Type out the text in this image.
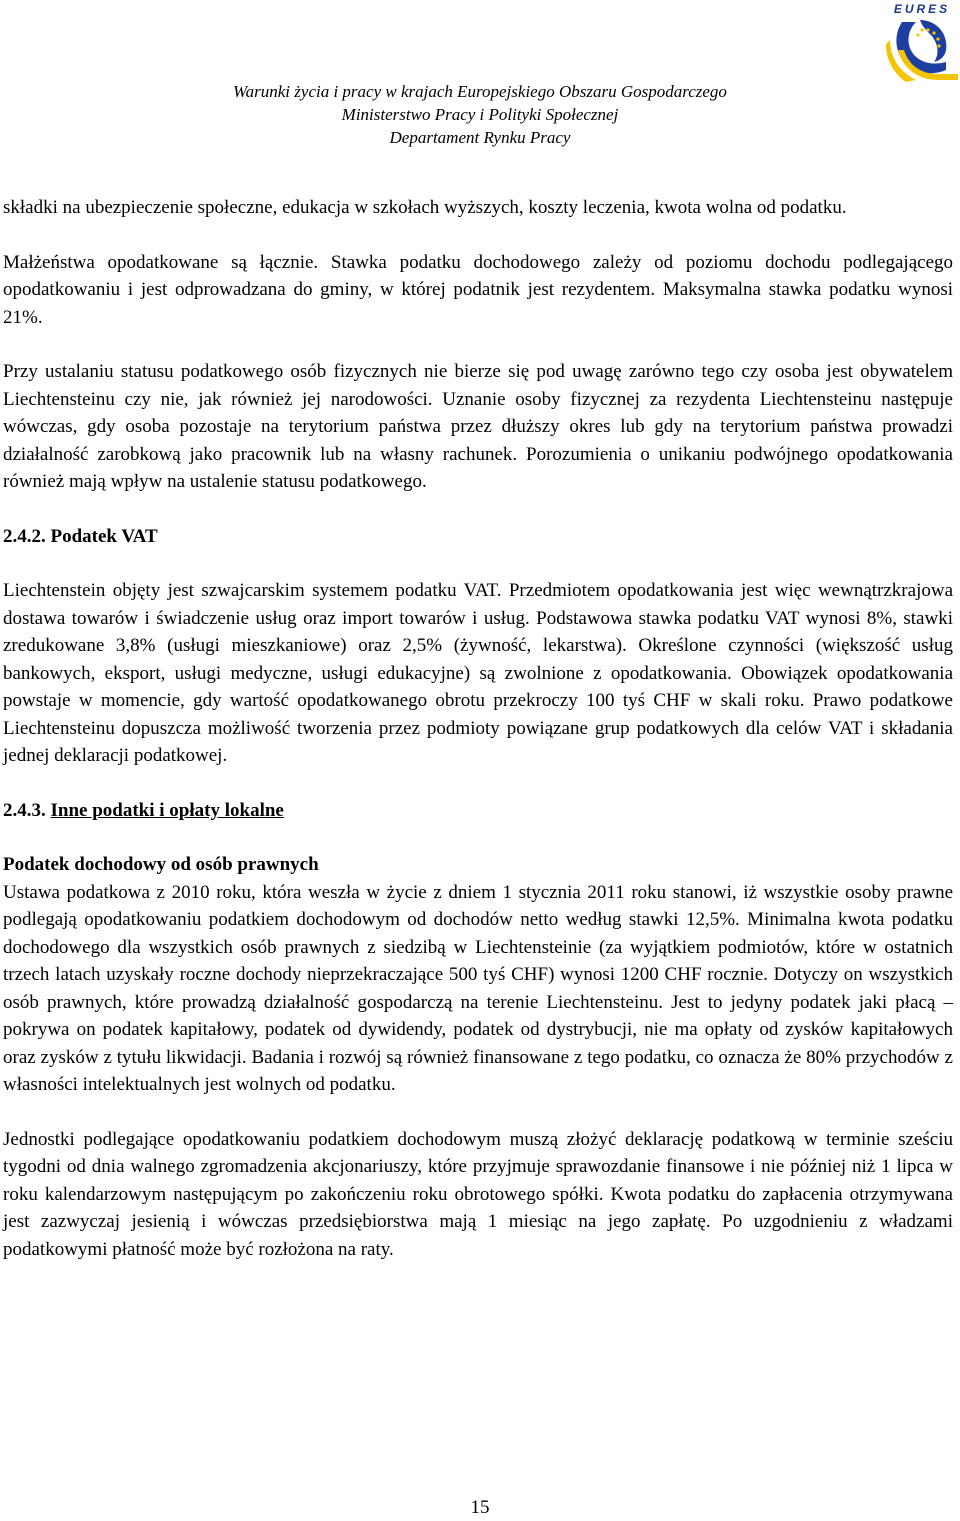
EURES
Warunki życia i pracy w krajach Europejskiego Obszaru Gospodarczego
Ministerstwo Pracy i Polityki Społecznej
Departament Rynku Pracy

składki na ubezpieczenie społeczne, edukacja w szkołach wyższych, koszty leczenia, kwota wolna od podatku.

Małżeństwa opodatkowane są łącznie. Stawka podatku dochodowego zależy od poziomu dochodu podlegającego opodatkowaniu i jest odprowadzana do gminy, w której podatnik jest rezydentem. Maksymalna stawka podatku wynosi 21%.

Przy ustalaniu statusu podatkowego osób fizycznych nie bierze się pod uwagę zarówno tego czy osoba jest obywatelem Liechtensteinu czy nie, jak również jej narodowości. Uznanie osoby fizycznej za rezydenta Liechtensteinu następuje wówczas, gdy osoba pozostaje na terytorium państwa przez dłuższy okres lub gdy na terytorium państwa prowadzi działalność zarobkową jako pracownik lub na własny rachunek. Porozumienia o unikaniu podwójnego opodatkowania również mają wpływ na ustalenie statusu podatkowego.

2.4.2. Podatek VAT

Liechtenstein objęty jest szwajcarskim systemem podatku VAT. Przedmiotem opodatkowania jest więc wewnątrzkrajowa dostawa towarów i świadczenie usług oraz import towarów i usług. Podstawowa stawka podatku VAT wynosi 8%, stawki zredukowane 3,8% (usługi mieszkaniowe) oraz 2,5% (żywność, lekarstwa). Określone czynności (większość usług bankowych, eksport, usługi medyczne, usługi edukacyjne) są zwolnione z opodatkowania. Obowiązek opodatkowania powstaje w momencie, gdy wartość opodatkowanego obrotu przekroczy 100 tyś CHF w skali roku. Prawo podatkowe Liechtensteinu dopuszcza możliwość tworzenia przez podmioty powiązane grup podatkowych dla celów VAT i składania jednej deklaracji podatkowej.

2.4.3. Inne podatki i opłaty lokalne

Podatek dochodowy od osób prawnych

Ustawa podatkowa z 2010 roku, która weszła w życie z dniem 1 stycznia 2011 roku stanowi, iż wszystkie osoby prawne podlegają opodatkowaniu podatkiem dochodowym od dochodów netto według stawki 12,5%. Minimalna kwota podatku dochodowego dla wszystkich osób prawnych z siedzibą w Liechtensteinie (za wyjątkiem podmiotów, które w ostatnich trzech latach uzyskały roczne dochody nieprzekraczające 500 tyś CHF) wynosi 1200 CHF rocznie. Dotyczy on wszystkich osób prawnych, które prowadzą działalność gospodarczą na terenie Liechtensteinu. Jest to jedyny podatek jaki płacą – pokrywa on podatek kapitałowy, podatek od dywidendy, podatek od dystrybucji, nie ma opłaty od zysków kapitałowych oraz zysków z tytułu likwidacji. Badania i rozwój są również finansowane z tego podatku, co oznacza że 80% przychodów z własności intelektualnych jest wolnych od podatku.

Jednostki podlegające opodatkowaniu podatkiem dochodowym muszą złożyć deklarację podatkową w terminie sześciu tygodni od dnia walnego zgromadzenia akcjonariuszy, które przyjmuje sprawozdanie finansowe i nie później niż 1 lipca w roku kalendarzowym następującym po zakończeniu roku obrotowego spółki. Kwota podatku do zapłacenia otrzymywana jest zazwyczaj jesienią i wówczas przedsiębiorstwa mają 1 miesiąc na jego zapłatę. Po uzgodnieniu z władzami podatkowymi płatność może być rozłożona na raty.

15
